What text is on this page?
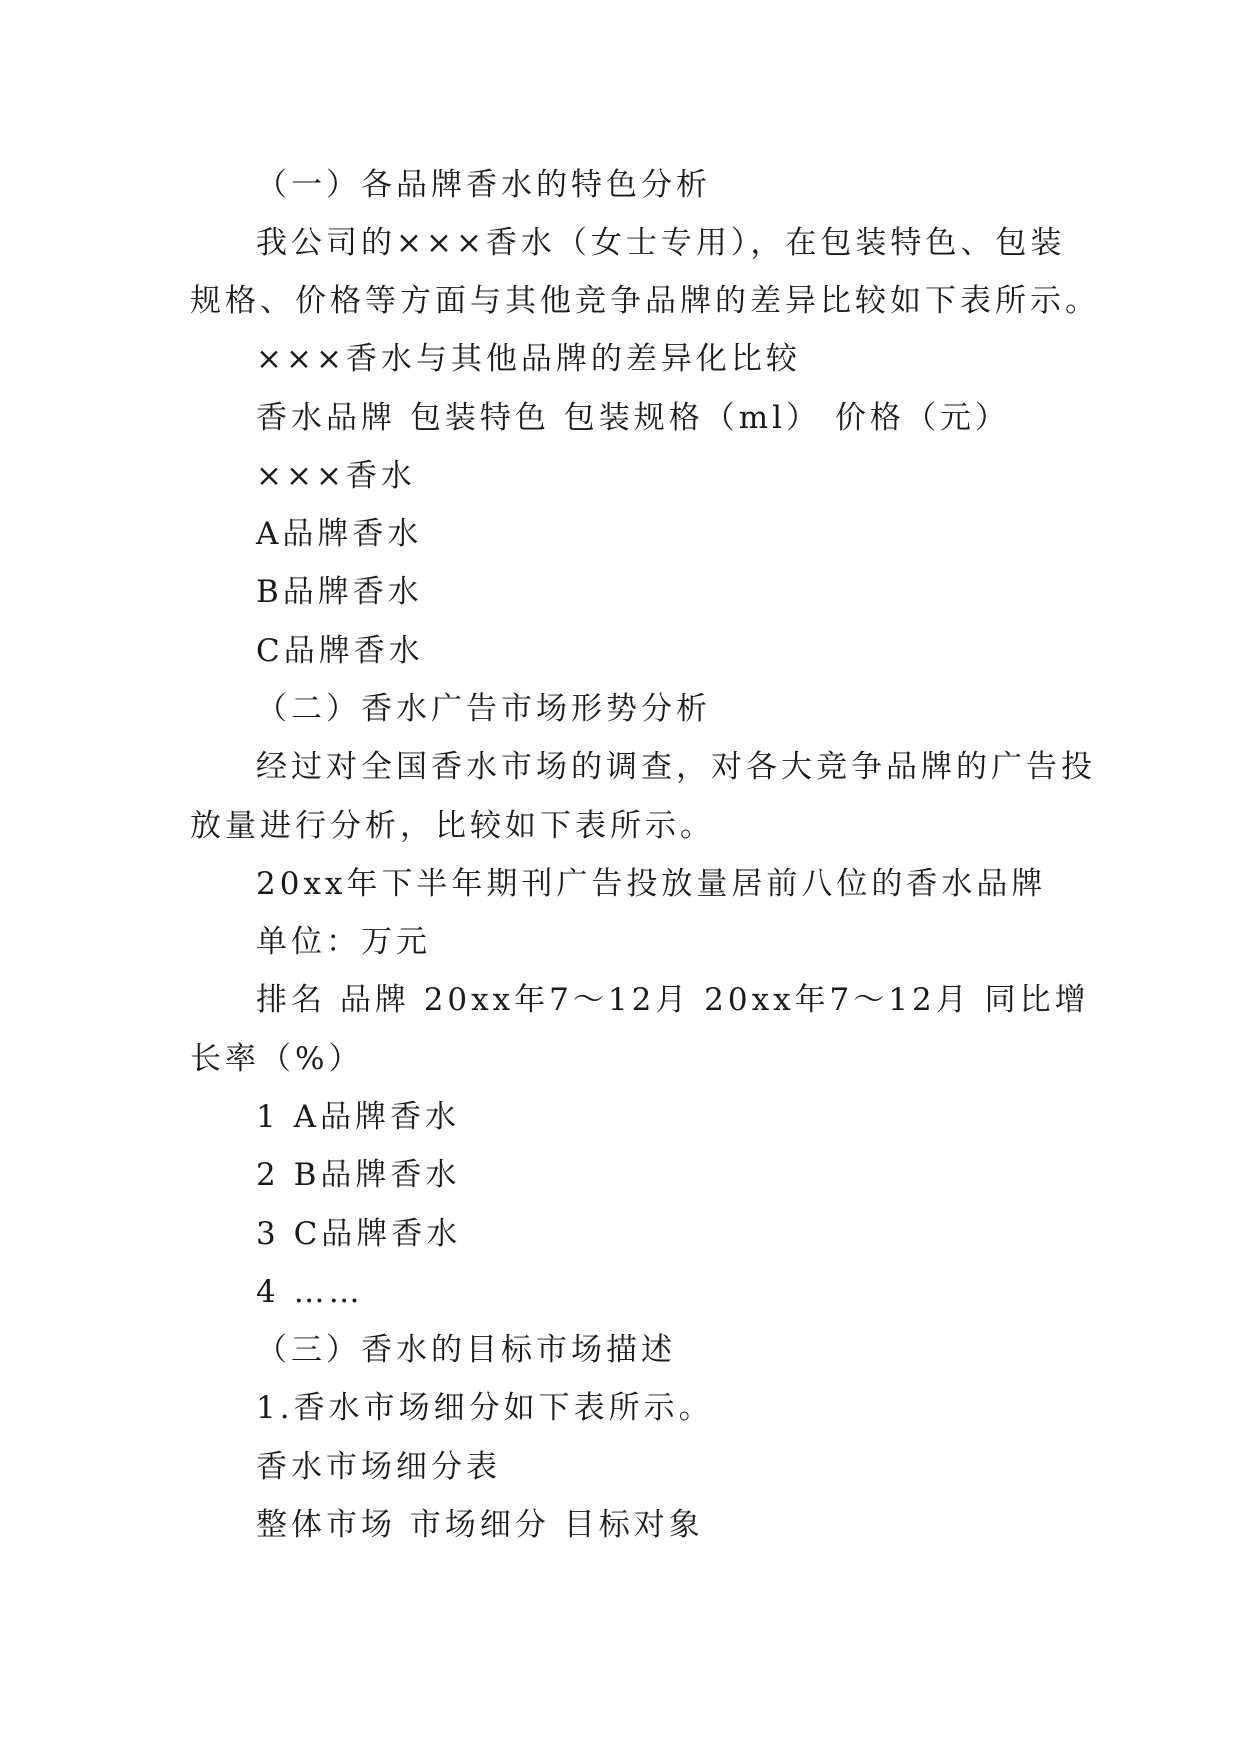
（一）各品牌香水的特色分析
我公司的×××香水（女士专用），在包装特色、包装
规格、价格等方面与其他竞争品牌的差异比较如下表所示。
×××香水与其他品牌的差异化比较
香水品牌 包装特色 包装规格（ml） 价格（元）
×××香水
A品牌香水
B品牌香水
C品牌香水
（二）香水广告市场形势分析
经过对全国香水市场的调查，对各大竞争品牌的广告投
放量进行分析，比较如下表所示。
20xx年下半年期刊广告投放量居前八位的香水品牌
单位：万元
排名 品牌 20xx年7～12月 20xx年7～12月 同比增
长率（%）
1 A品牌香水
2 B品牌香水
3 C品牌香水
4 ……
（三）香水的目标市场描述
1.香水市场细分如下表所示。
香水市场细分表
整体市场 市场细分 目标对象
